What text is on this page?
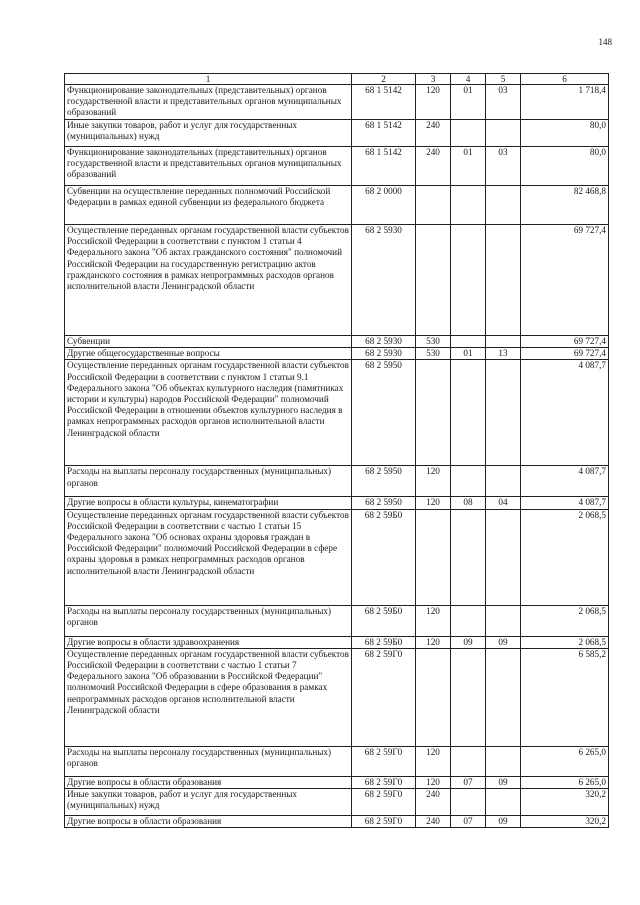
148
1	2	3	4	5	6
Функционирование законодательных (представительных) органов государственной власти и представительных органов муниципальных образований	68 1 5142	120	01	03	1 718,4
Иные закупки товаров, работ и услуг для государственных (муниципальных) нужд	68 1 5142	240			80,0
Функционирование законодательных (представительных) органов государственной власти и представительных органов муниципальных образований	68 1 5142	240	01	03	80,0
Субвенции на осуществление переданных полномочий Российской Федерации в рамках единой субвенции из федерального бюджета	68 2 0000				82 468,8
Осуществление переданных органам государственной власти субъектов Российской Федерации в соответствии с пунктом 1 статьи 4 Федерального закона "Об актах гражданского состояния" полномочий Российской Федерации на государственную регистрацию актов гражданского состояния в рамках непрограммных расходов органов исполнительной власти Ленинградской области	68 2 5930				69 727,4
Субвенции	68 2 5930	530			69 727,4
Другие общегосударственные вопросы	68 2 5930	530	01	13	69 727,4
Осуществление переданных органам государственной власти субъектов Российской Федерации в соответствии с пунктом 1 статьи 9.1 Федерального закона "Об объектах культурного наследия (памятниках истории и культуры) народов Российской Федерации" полномочий Российской Федерации в отношении объектов культурного наследия в рамках непрограммных расходов органов исполнительной власти Ленинградской области	68 2 5950				4 087,7
Расходы на выплаты персоналу государственных (муниципальных) органов	68 2 5950	120			4 087,7
Другие вопросы в области культуры, кинематографии	68 2 5950	120	08	04	4 087,7
Осуществление переданных органам государственной власти субъектов Российской Федерации в соответствии с частью 1 статьи 15 Федерального закона "Об основах охраны здоровья граждан в Российской Федерации" полномочий Российской Федерации в сфере охраны здоровья в рамках непрограммных расходов органов исполнительной власти Ленинградской области	68 2 59Б0				2 068,5
Расходы на выплаты персоналу государственных (муниципальных) органов	68 2 59Б0	120			2 068,5
Другие вопросы в области здравоохранения	68 2 59Б0	120	09	09	2 068,5
Осуществление переданных органам государственной власти субъектов Российской Федерации в соответствии с частью 1 статьи 7 Федерального закона "Об образовании в Российской Федерации" полномочий Российской Федерации в сфере образования в рамках непрограммных расходов органов исполнительной власти Ленинградской области	68 2 59Г0				6 585,2
Расходы на выплаты персоналу государственных (муниципальных) органов	68 2 59Г0	120			6 265,0
Другие вопросы в области образования	68 2 59Г0	120	07	09	6 265,0
Иные закупки товаров, работ и услуг для государственных (муниципальных) нужд	68 2 59Г0	240			320,2
Другие вопросы в области образования	68 2 59Г0	240	07	09	320,2
